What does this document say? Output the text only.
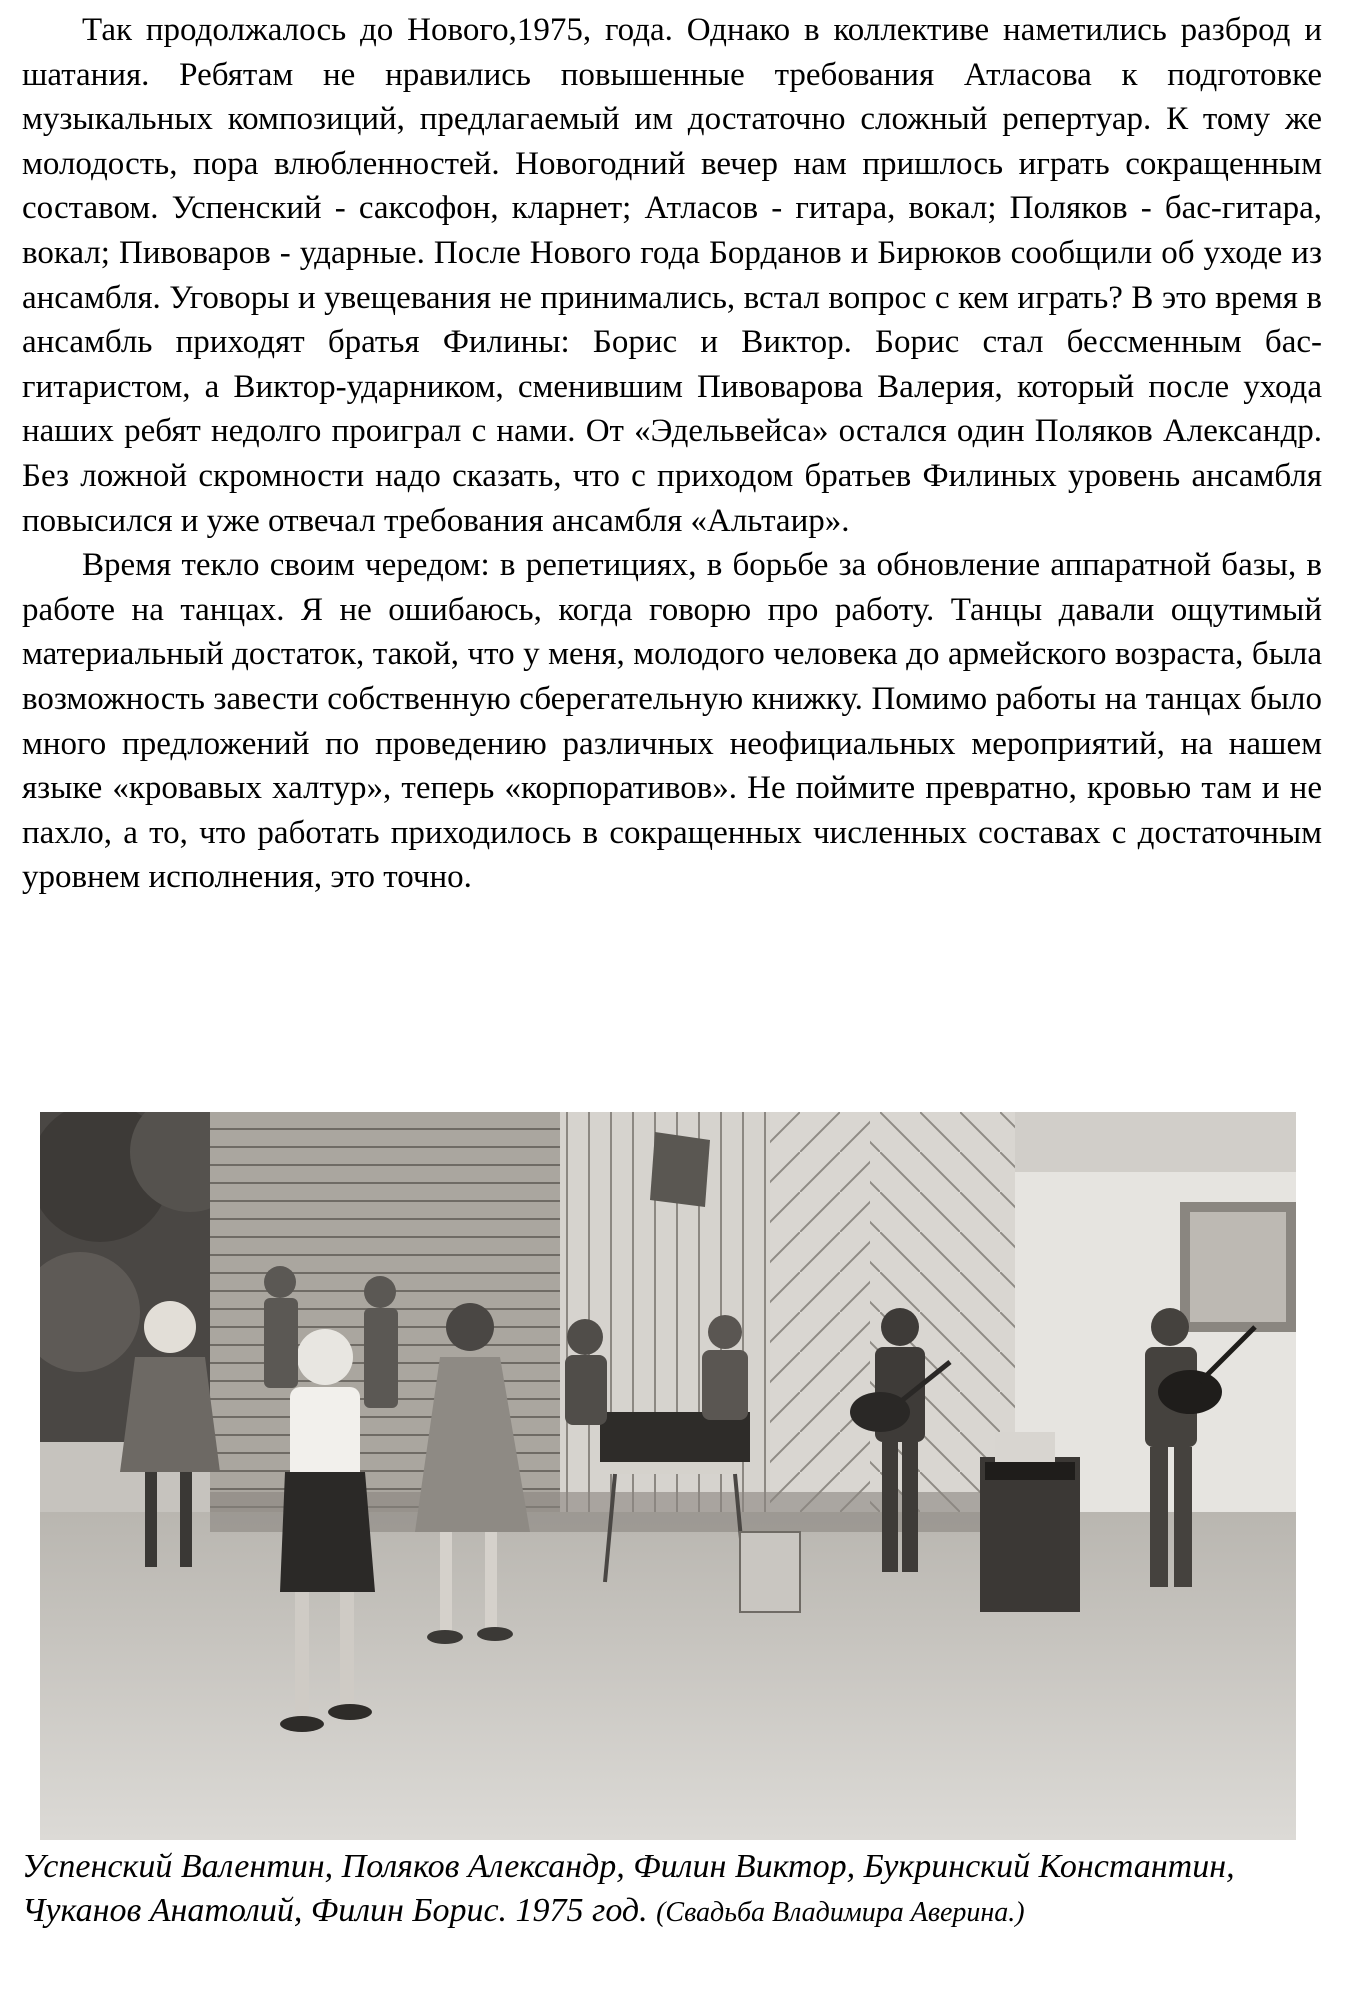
Так продолжалось до Нового,1975, года. Однако в коллективе наметились разброд и шатания. Ребятам не нравились повышенные требования Атласова к подготовке музыкальных композиций, предлагаемый им достаточно сложный репертуар. К тому же молодость, пора влюбленностей. Новогодний вечер нам пришлось играть сокращенным составом. Успенский - саксофон, кларнет; Атласов - гитара, вокал; Поляков - бас-гитара, вокал; Пивоваров - ударные. После Нового года Борданов и Бирюков сообщили об уходе из ансамбля. Уговоры и увещевания не принимались, встал вопрос с кем играть? В это время в ансамбль приходят братья Филины: Борис и Виктор. Борис стал бессменным бас-гитаристом, а Виктор-ударником, сменившим Пивоварова Валерия, который после ухода наших ребят недолго проиграл с нами. От «Эдельвейса» остался один Поляков Александр. Без ложной скромности надо сказать, что с приходом братьев Филиных уровень ансамбля повысился и уже отвечал требования ансамбля «Альтаир».

Время текло своим чередом: в репетициях, в борьбе за обновление аппаратной базы, в работе на танцах. Я не ошибаюсь, когда говорю про работу. Танцы давали ощутимый материальный достаток, такой, что у меня, молодого человека до армейского возраста, была возможность завести собственную сберегательную книжку. Помимо работы на танцах было много предложений по проведению различных неофициальных мероприятий, на нашем языке «кровавых халтур», теперь «корпоративов». Не поймите превратно, кровью там и не пахло, а то, что работать приходилось в сокращенных численных составах с достаточным уровнем исполнения, это точно.

Успенский Валентин, Поляков Александр, Филин Виктор, Букринский Константин, Чуканов Анатолий, Филин Борис. 1975 год. (Свадьба Владимира Аверина.)
